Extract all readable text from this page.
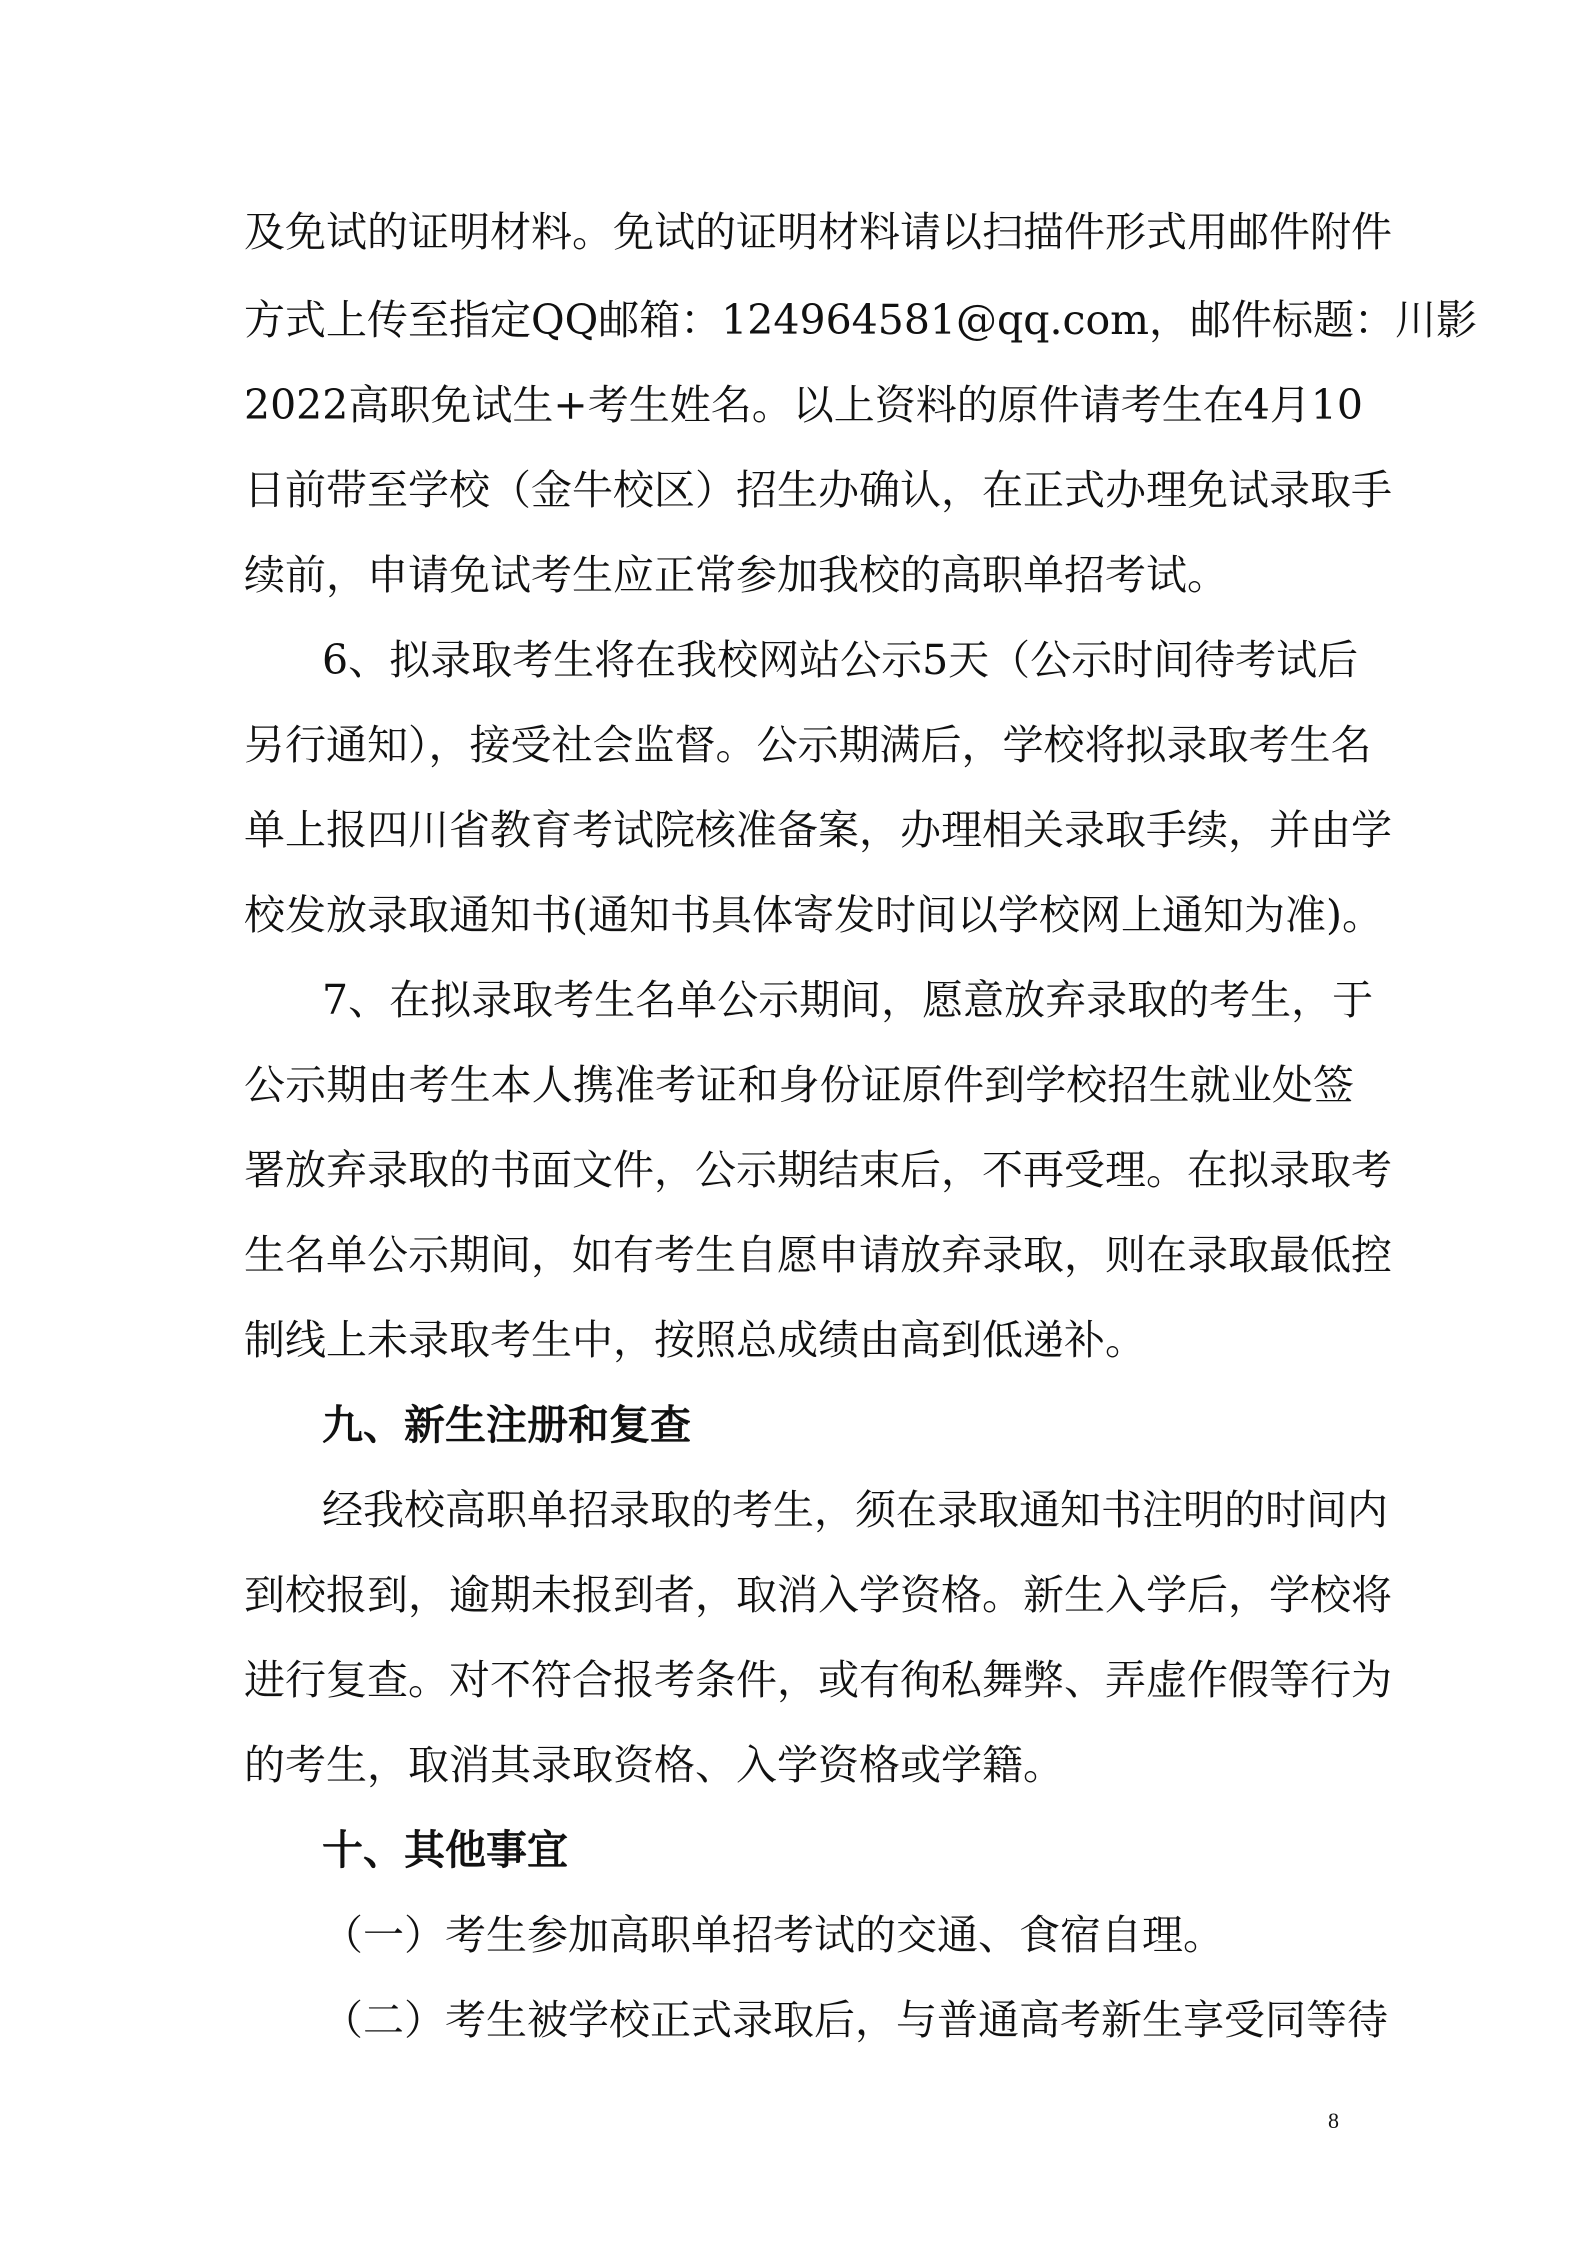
及免试的证明材料。免试的证明材料请以扫描件形式用邮件附件
方式上传至指定QQ邮箱：124964581@qq.com，邮件标题：川影
2022高职免试生+考生姓名。以上资料的原件请考生在4月10
日前带至学校（金牛校区）招生办确认，在正式办理免试录取手
续前，申请免试考生应正常参加我校的高职单招考试。
6、拟录取考生将在我校网站公示5天（公示时间待考试后
另行通知），接受社会监督。公示期满后，学校将拟录取考生名
单上报四川省教育考试院核准备案，办理相关录取手续，并由学
校发放录取通知书(通知书具体寄发时间以学校网上通知为准)。
7、在拟录取考生名单公示期间，愿意放弃录取的考生，于
公示期由考生本人携准考证和身份证原件到学校招生就业处签
署放弃录取的书面文件，公示期结束后，不再受理。在拟录取考
生名单公示期间，如有考生自愿申请放弃录取，则在录取最低控
制线上未录取考生中，按照总成绩由高到低递补。
九、新生注册和复查
经我校高职单招录取的考生，须在录取通知书注明的时间内
到校报到，逾期未报到者，取消入学资格。新生入学后，学校将
进行复查。对不符合报考条件，或有徇私舞弊、弄虚作假等行为
的考生，取消其录取资格、入学资格或学籍。
十、其他事宜
（一）考生参加高职单招考试的交通、食宿自理。
（二）考生被学校正式录取后，与普通高考新生享受同等待
8
